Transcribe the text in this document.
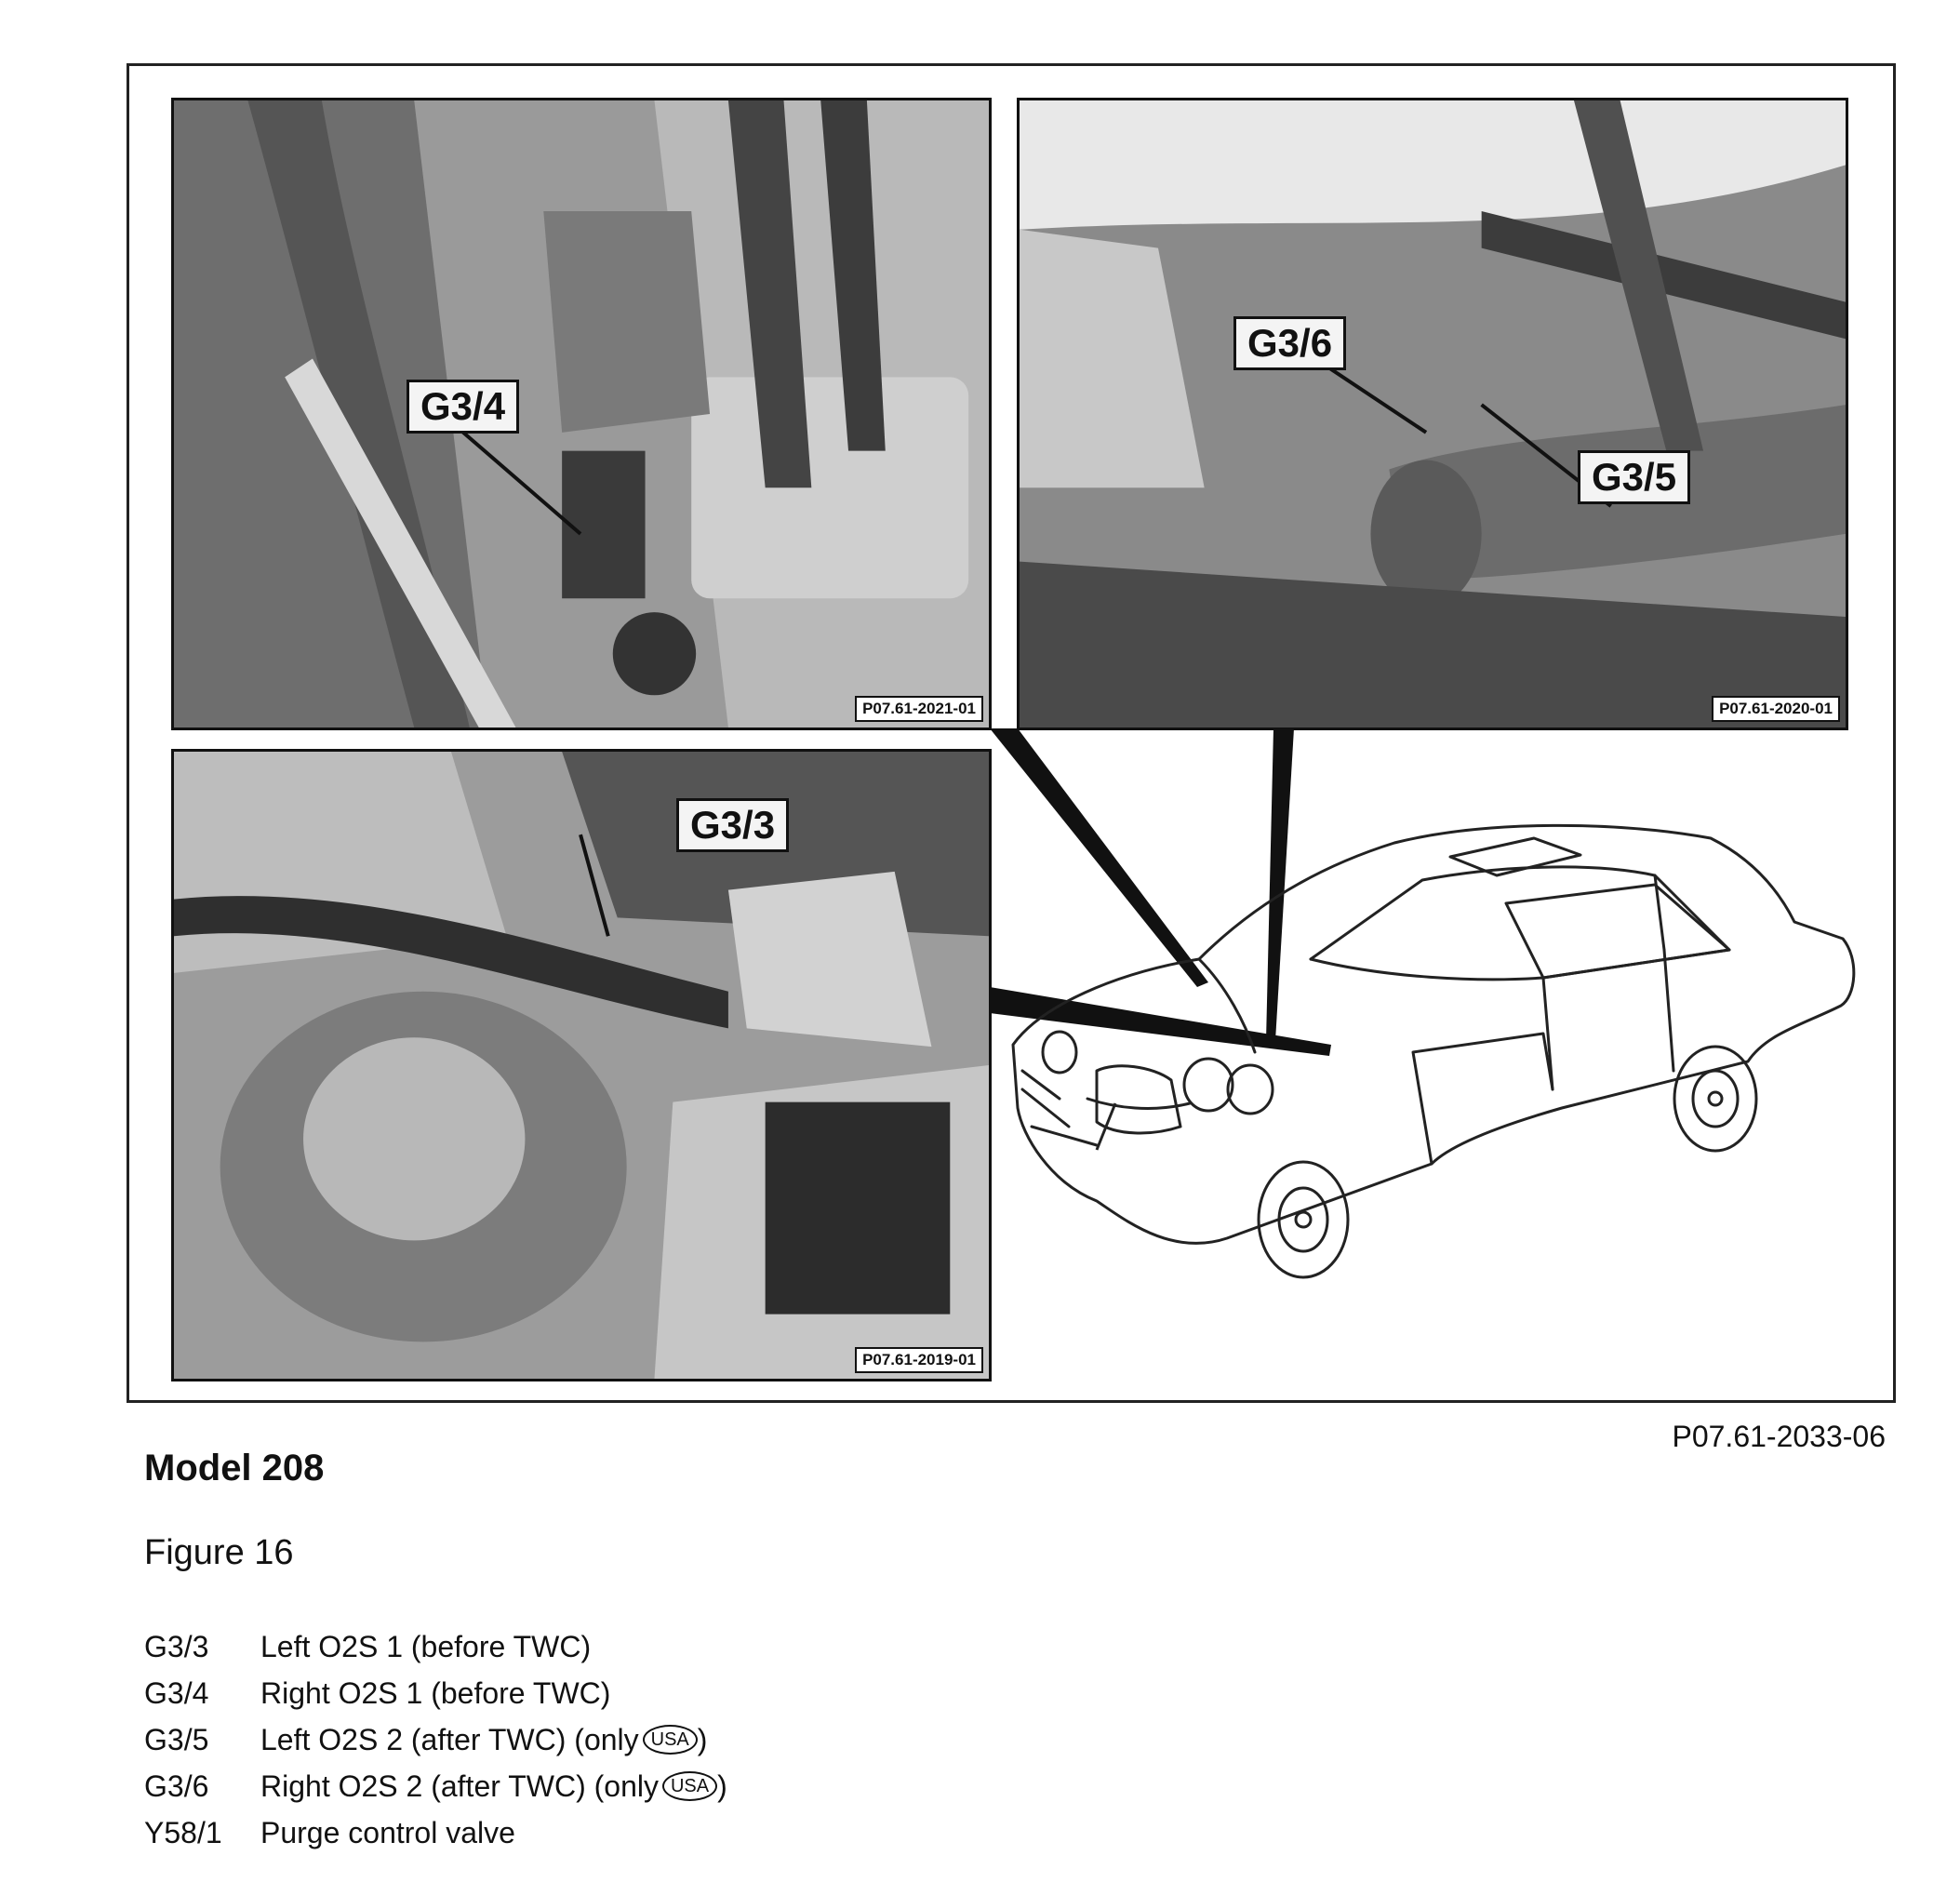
G3/4
P07.61-2021-01
G3/6
G3/5
P07.61-2020-01
G3/3
P07.61-2019-01
P07.61-2033-06
Model 208
Figure 16
G3/3	Left O2S 1 (before TWC)
G3/4	Right O2S 1 (before TWC)
G3/5	Left O2S 2 (after TWC) (only USA )
G3/6	Right O2S 2 (after TWC) (only USA )
Y58/1	Purge control valve
